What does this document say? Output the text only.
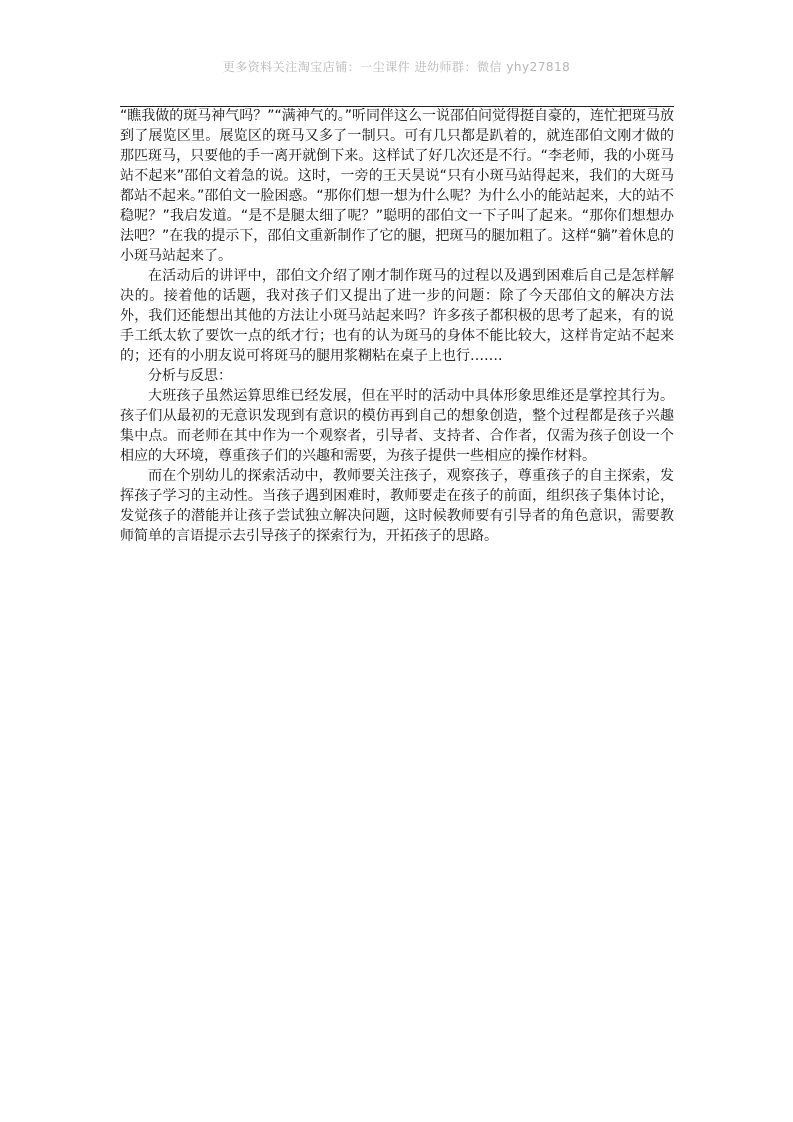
更多资料关注淘宝店铺：一尘课件 进幼师群：微信 yhy27818

“瞧我做的斑马神气吗？”“满神气的。”听同伴这么一说邵伯问觉得挺自豪的，连忙把斑马放到了展览区里。展览区的斑马又多了一制只。可有几只都是趴着的，就连邵伯文刚才做的那匹斑马，只要他的手一离开就倒下来。这样试了好几次还是不行。“李老师，我的小斑马站不起来”邵伯文着急的说。这时，一旁的王天昊说“只有小斑马站得起来，我们的大斑马都站不起来。”邵伯文一脸困惑。“那你们想一想为什么呢？为什么小的能站起来，大的站不稳呢？”我启发道。“是不是腿太细了呢？”聪明的邵伯文一下子叫了起来。“那你们想想办法吧？”在我的提示下，邵伯文重新制作了它的腿，把斑马的腿加粗了。这样“躺”着休息的小斑马站起来了。

在活动后的讲评中，邵伯文介绍了刚才制作斑马的过程以及遇到困难后自己是怎样解决的。接着他的话题，我对孩子们又提出了进一步的问题：除了今天邵伯文的解决方法外，我们还能想出其他的方法让小斑马站起来吗？许多孩子都积极的思考了起来，有的说手工纸太软了要饮一点的纸才行；也有的认为斑马的身体不能比较大，这样肯定站不起来的；还有的小朋友说可将斑马的腿用浆糊粘在桌子上也行…….

分析与反思：

大班孩子虽然运算思维已经发展，但在平时的活动中具体形象思维还是掌控其行为。孩子们从最初的无意识发现到有意识的模仿再到自己的想象创造，整个过程都是孩子兴趣集中点。而老师在其中作为一个观察者，引导者、支持者、合作者，仅需为孩子创设一个相应的大环境，尊重孩子们的兴趣和需要，为孩子提供一些相应的操作材料。

而在个别幼儿的探索活动中，教师要关注孩子，观察孩子，尊重孩子的自主探索，发挥孩子学习的主动性。当孩子遇到困难时，教师要走在孩子的前面，组织孩子集体讨论，发觉孩子的潜能并让孩子尝试独立解决问题，这时候教师要有引导者的角色意识，需要教师简单的言语提示去引导孩子的探索行为，开拓孩子的思路。
